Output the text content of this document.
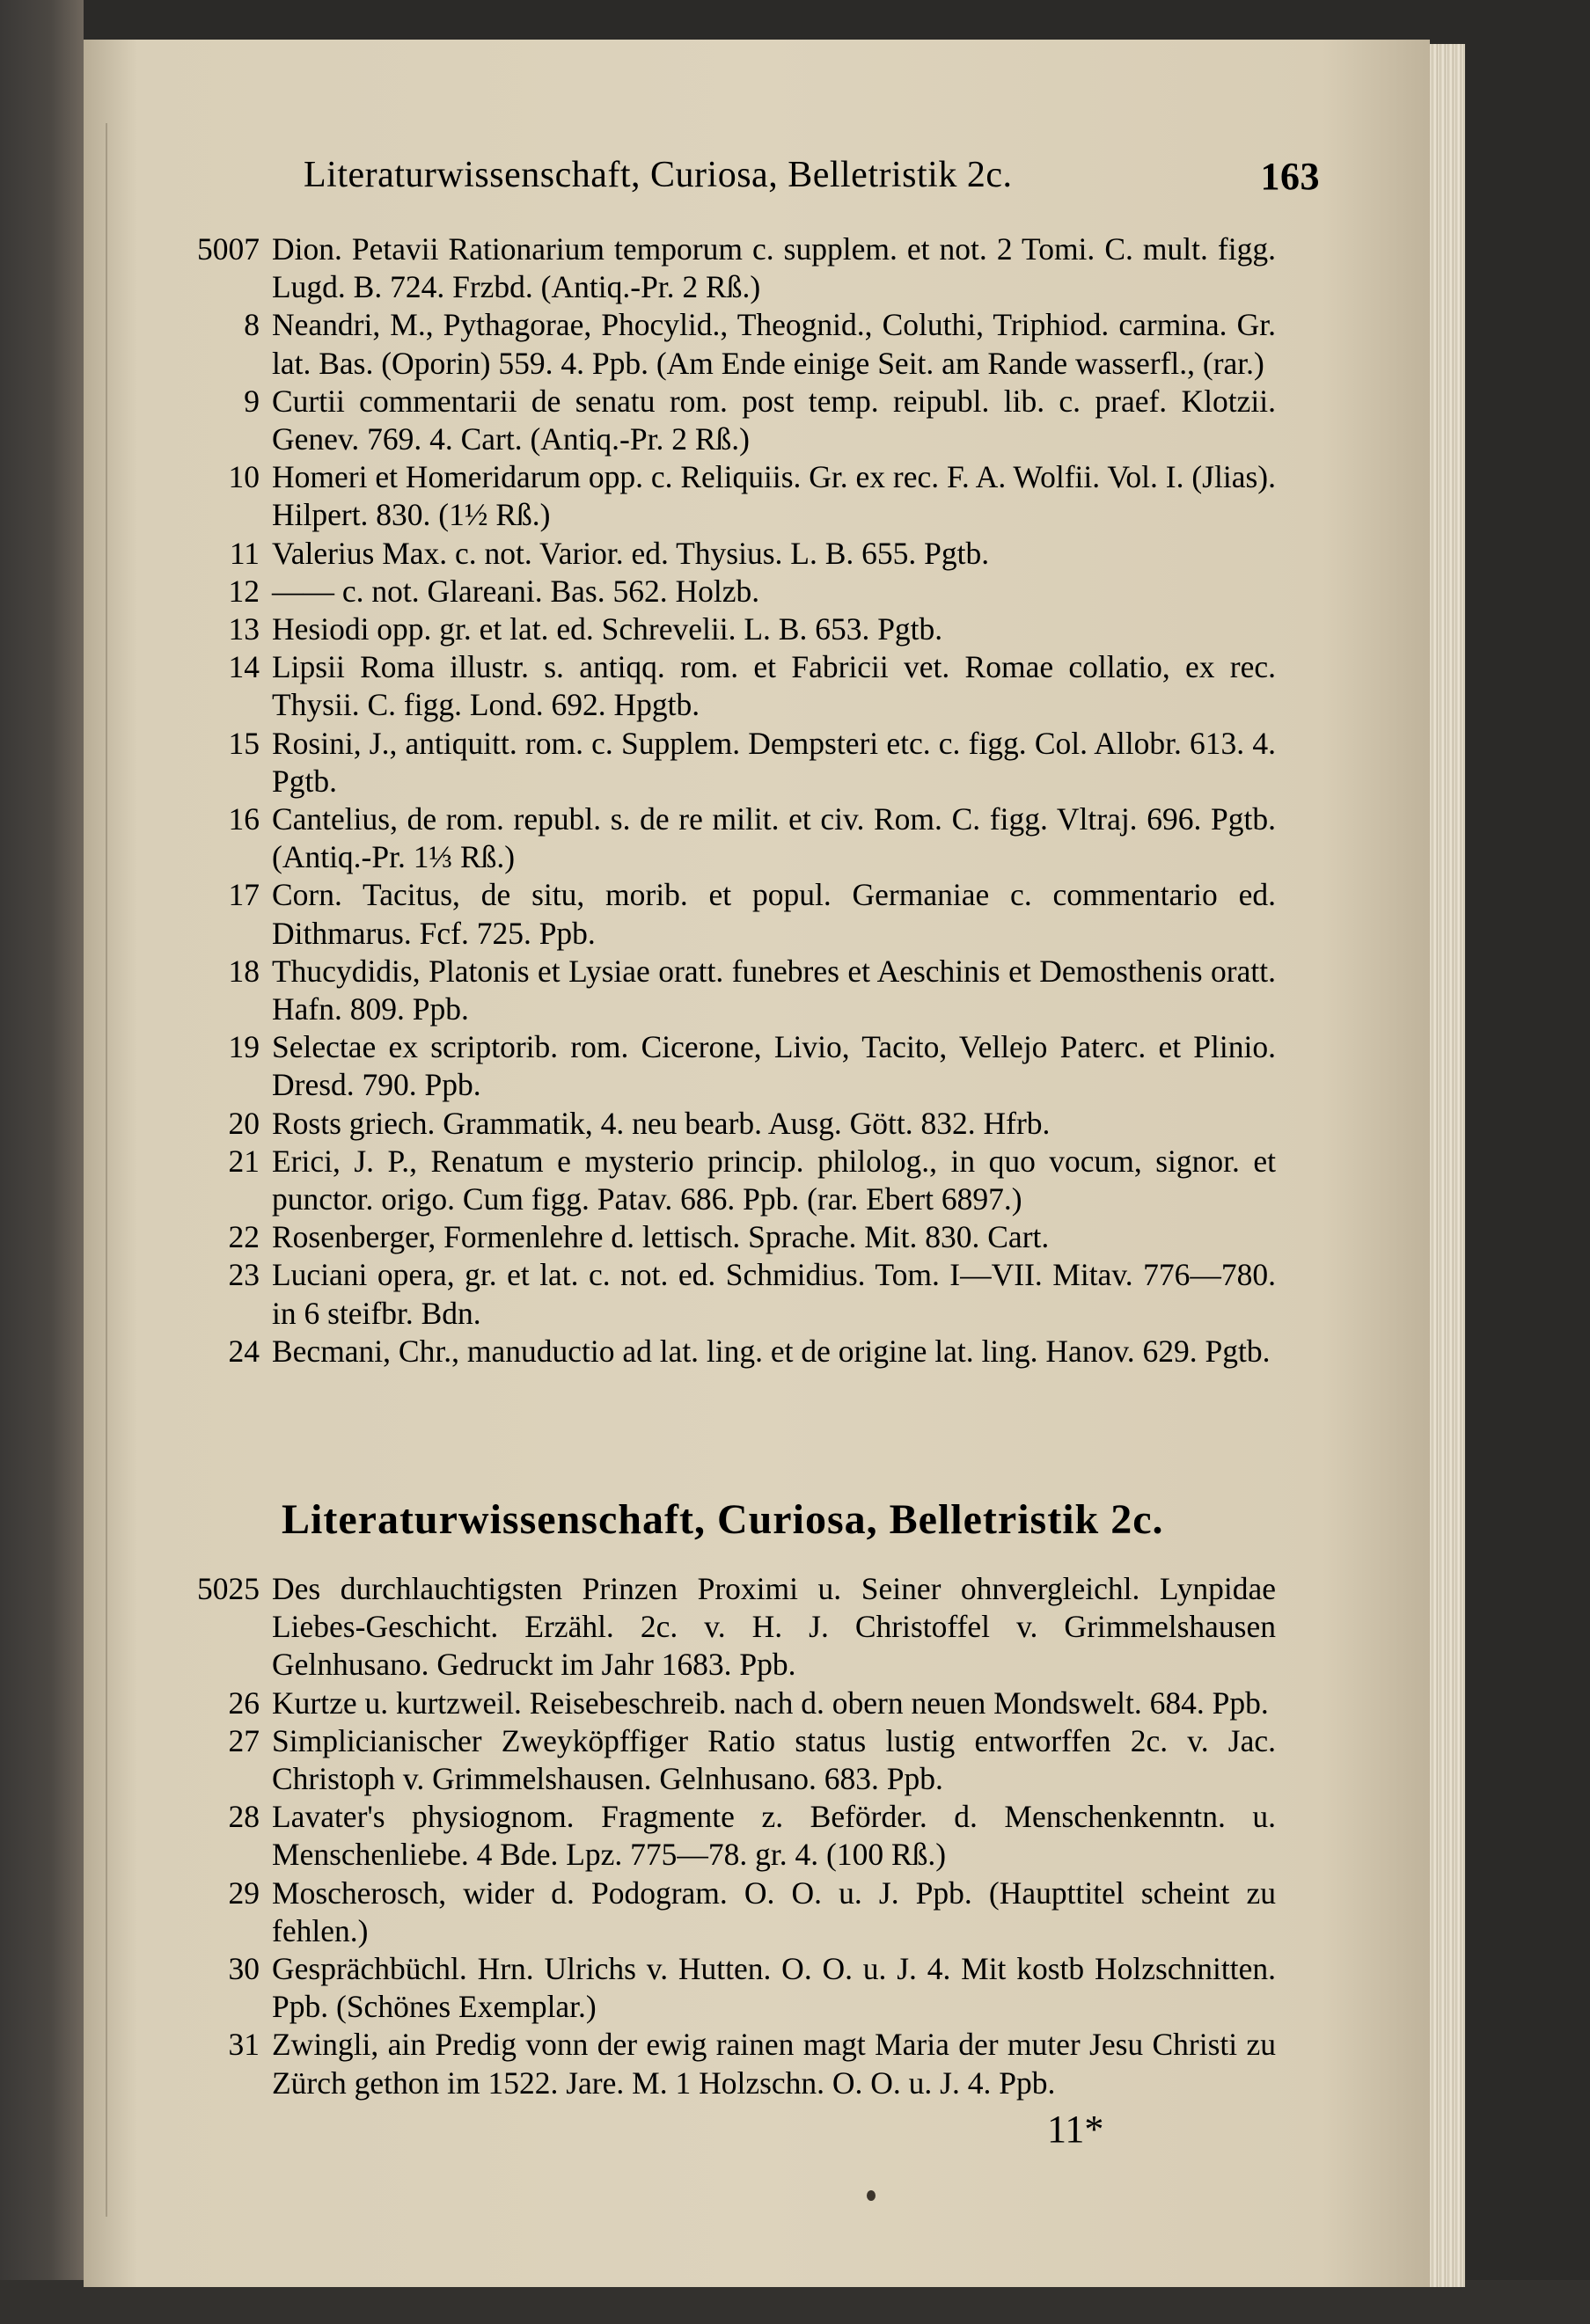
Literaturwissenschaft, Curiosa, Belletristik 2c.	163
5007 Dion. Petavii Rationarium temporum c. supplem. et not. 2 Tomi. C. mult. figg. Lugd. B. 724. Frzbd. (Antiq.-Pr. 2 Rß.)
8 Neandri, M., Pythagorae, Phocylid., Theognid., Coluthi, Triphiod. carmina. Gr. lat. Bas. (Oporin) 559. 4. Ppb. (Am Ende einige Seit. am Rande wasserfl., (rar.)
9 Curtii commentarii de senatu rom. post temp. reipubl. lib. c. praef. Klotzii. Genev. 769. 4. Cart. (Antiq.-Pr. 2 Rß.)
10 Homeri et Homeridarum opp. c. Reliquiis. Gr. ex rec. F. A. Wolfii. Vol. I. (Jlias). Hilpert. 830. (1½ Rß.)
11 Valerius Max. c. not. Varior. ed. Thysius. L. B. 655. Pgtb.
12 —— c. not. Glareani. Bas. 562. Holzb.
13 Hesiodi opp. gr. et lat. ed. Schrevelii. L. B. 653. Pgtb.
14 Lipsii Roma illustr. s. antiqq. rom. et Fabricii vet. Romae collatio, ex rec. Thysii. C. figg. Lond. 692. Hpgtb.
15 Rosini, J., antiquitt. rom. c. Supplem. Dempsteri etc. c. figg. Col. Allobr. 613. 4. Pgtb.
16 Cantelius, de rom. republ. s. de re milit. et civ. Rom. C. figg. Vltraj. 696. Pgtb. (Antiq.-Pr. 1⅓ Rß.)
17 Corn. Tacitus, de situ, morib. et popul. Germaniae c. commentario ed. Dithmarus. Fcf. 725. Ppb.
18 Thucydidis, Platonis et Lysiae oratt. funebres et Aeschinis et Demosthenis oratt. Hafn. 809. Ppb.
19 Selectae ex scriptorib. rom. Cicerone, Livio, Tacito, Vellejo Paterc. et Plinio. Dresd. 790. Ppb.
20 Rosts griech. Grammatik, 4. neu bearb. Ausg. Gött. 832. Hfrb.
21 Erici, J. P., Renatum e mysterio princip. philolog., in quo vocum, signor. et punctor. origo. Cum figg. Patav. 686. Ppb. (rar. Ebert 6897.)
22 Rosenberger, Formenlehre d. lettisch. Sprache. Mit. 830. Cart.
23 Luciani opera, gr. et lat. c. not. ed. Schmidius. Tom. I—VII. Mitav. 776—780. in 6 steifbr. Bdn.
24 Becmani, Chr., manuductio ad lat. ling. et de origine lat. ling. Hanov. 629. Pgtb.
Literaturwissenschaft, Curiosa, Belletristik 2c.
5025 Des durchlauchtigsten Prinzen Proximi u. Seiner ohnvergleichl. Lynpidae Liebes-Geschicht. Erzähl. 2c. v. H. J. Christoffel v. Grimmelshausen Gelnhusano. Gedruckt im Jahr 1683. Ppb.
26 Kurtze u. kurtzweil. Reisebeschreib. nach d. obern neuen Mondswelt. 684. Ppb.
27 Simplicianischer Zweyköpffiger Ratio status lustig entworffen 2c. v. Jac. Christoph v. Grimmelshausen. Gelnhusano. 683. Ppb.
28 Lavater's physiognom. Fragmente z. Beförder. d. Menschenkenntn. u. Menschenliebe. 4 Bde. Lpz. 775—78. gr. 4. (100 Rß.)
29 Moscherosch, wider d. Podogram. O. O. u. J. Ppb. (Haupttitel scheint zu fehlen.)
30 Gesprächbüchl. Hrn. Ulrichs v. Hutten. O. O. u. J. 4. Mit kostb Holzschnitten. Ppb. (Schönes Exemplar.)
31 Zwingli, ain Predig vonn der ewig rainen magt Maria der muter Jesu Christi zu Zürch gethon im 1522. Jare. M. 1 Holzschn. O. O. u. J. 4. Ppb.
11*
